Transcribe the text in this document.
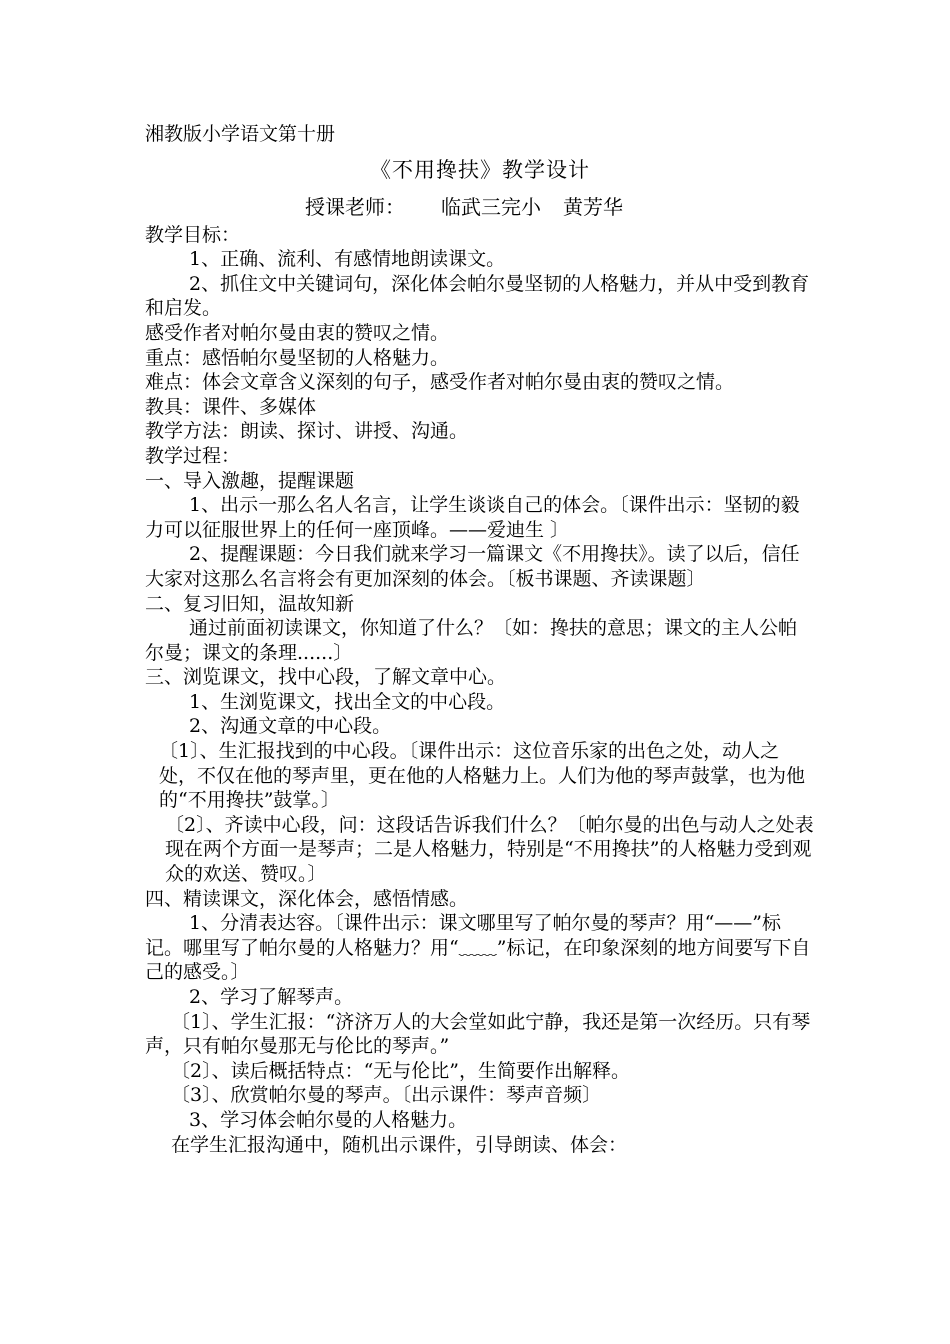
湘教版小学语文第十册

《不用搀扶》教学设计

授课老师： 临武三完小 黄芳华

教学目标：

1、正确、流利、有感情地朗读课文。

2、抓住文中关键词句，深化体会帕尔曼坚韧的人格魅力，并从中受到教育和启发。

感受作者对帕尔曼由衷的赞叹之情。

重点：感悟帕尔曼坚韧的人格魅力。

难点：体会文章含义深刻的句子，感受作者对帕尔曼由衷的赞叹之情。

教具：课件、多媒体

教学方法：朗读、探讨、讲授、沟通。

教学过程：

一、导入激趣，提醒课题

1、出示一那么名人名言，让学生谈谈自己的体会。〔课件出示：坚韧的毅力可以征服世界上的任何一座顶峰。——爱迪生 〕

2、提醒课题：今日我们就来学习一篇课文《不用搀扶》。读了以后，信任大家对这那么名言将会有更加深刻的体会。〔板书课题、齐读课题〕

二、复习旧知，温故知新

通过前面初读课文，你知道了什么？〔如：搀扶的意思；课文的主人公帕尔曼；课文的条理......〕

三、浏览课文，找中心段，了解文章中心。

1、生浏览课文，找出全文的中心段。

2、沟通文章的中心段。

〔1〕、生汇报找到的中心段。〔课件出示：这位音乐家的出色之处，动人之处，不仅在他的琴声里，更在他的人格魅力上。人们为他的琴声鼓掌，也为他的“不用搀扶”鼓掌。〕

〔2〕、齐读中心段，问：这段话告诉我们什么？〔帕尔曼的出色与动人之处表现在两个方面一是琴声；二是人格魅力，特别是“不用搀扶”的人格魅力受到观众的欢送、赞叹。〕

四、精读课文，深化体会，感悟情感。

1、分清表达容。〔课件出示：课文哪里写了帕尔曼的琴声？用“——”标记。哪里写了帕尔曼的人格魅力？用“﹏﹏”标记，在印象深刻的地方间要写下自己的感受。〕

2、学习了解琴声。

〔1〕、学生汇报：“济济万人的大会堂如此宁静，我还是第一次经历。只有琴声，只有帕尔曼那无与伦比的琴声。”

〔2〕、读后概括特点：“无与伦比”，生简要作出解释。

〔3〕、欣赏帕尔曼的琴声。〔出示课件：琴声音频〕

3、学习体会帕尔曼的人格魅力。

在学生汇报沟通中，随机出示课件，引导朗读、体会：
